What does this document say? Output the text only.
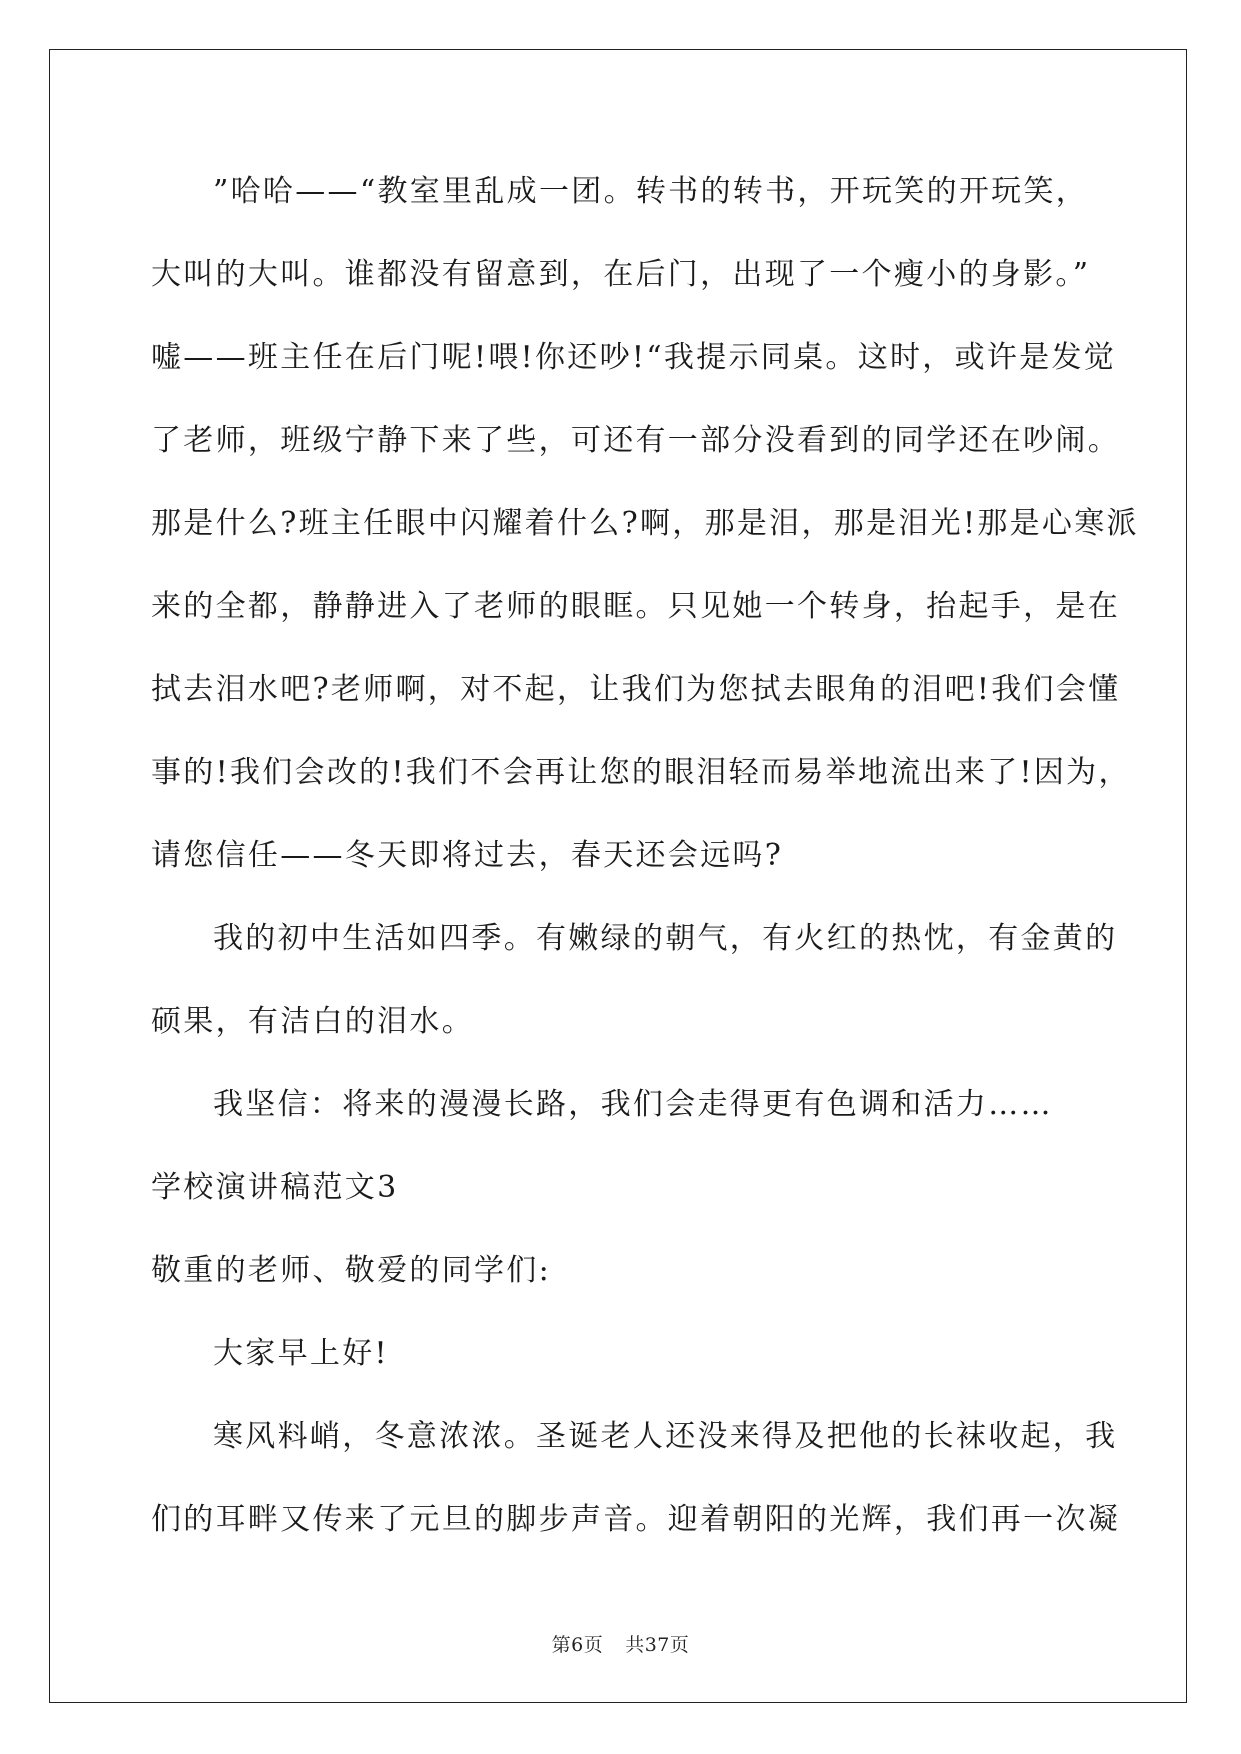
”哈哈——“教室里乱成一团。转书的转书，开玩笑的开玩笑，
大叫的大叫。谁都没有留意到，在后门，出现了一个瘦小的身影。”
嘘——班主任在后门呢!喂!你还吵!“我提示同桌。这时，或许是发觉
了老师，班级宁静下来了些，可还有一部分没看到的同学还在吵闹。
那是什么?班主任眼中闪耀着什么?啊，那是泪，那是泪光!那是心寒派
来的全都，静静进入了老师的眼眶。只见她一个转身，抬起手，是在
拭去泪水吧?老师啊，对不起，让我们为您拭去眼角的泪吧!我们会懂
事的!我们会改的!我们不会再让您的眼泪轻而易举地流出来了!因为，
请您信任——冬天即将过去，春天还会远吗?
我的初中生活如四季。有嫩绿的朝气，有火红的热忱，有金黄的
硕果，有洁白的泪水。
我坚信：将来的漫漫长路，我们会走得更有色调和活力……
学校演讲稿范文3
敬重的老师、敬爱的同学们:
大家早上好!
寒风料峭，冬意浓浓。圣诞老人还没来得及把他的长袜收起，我
们的耳畔又传来了元旦的脚步声音。迎着朝阳的光辉，我们再一次凝
第6页 共37页
